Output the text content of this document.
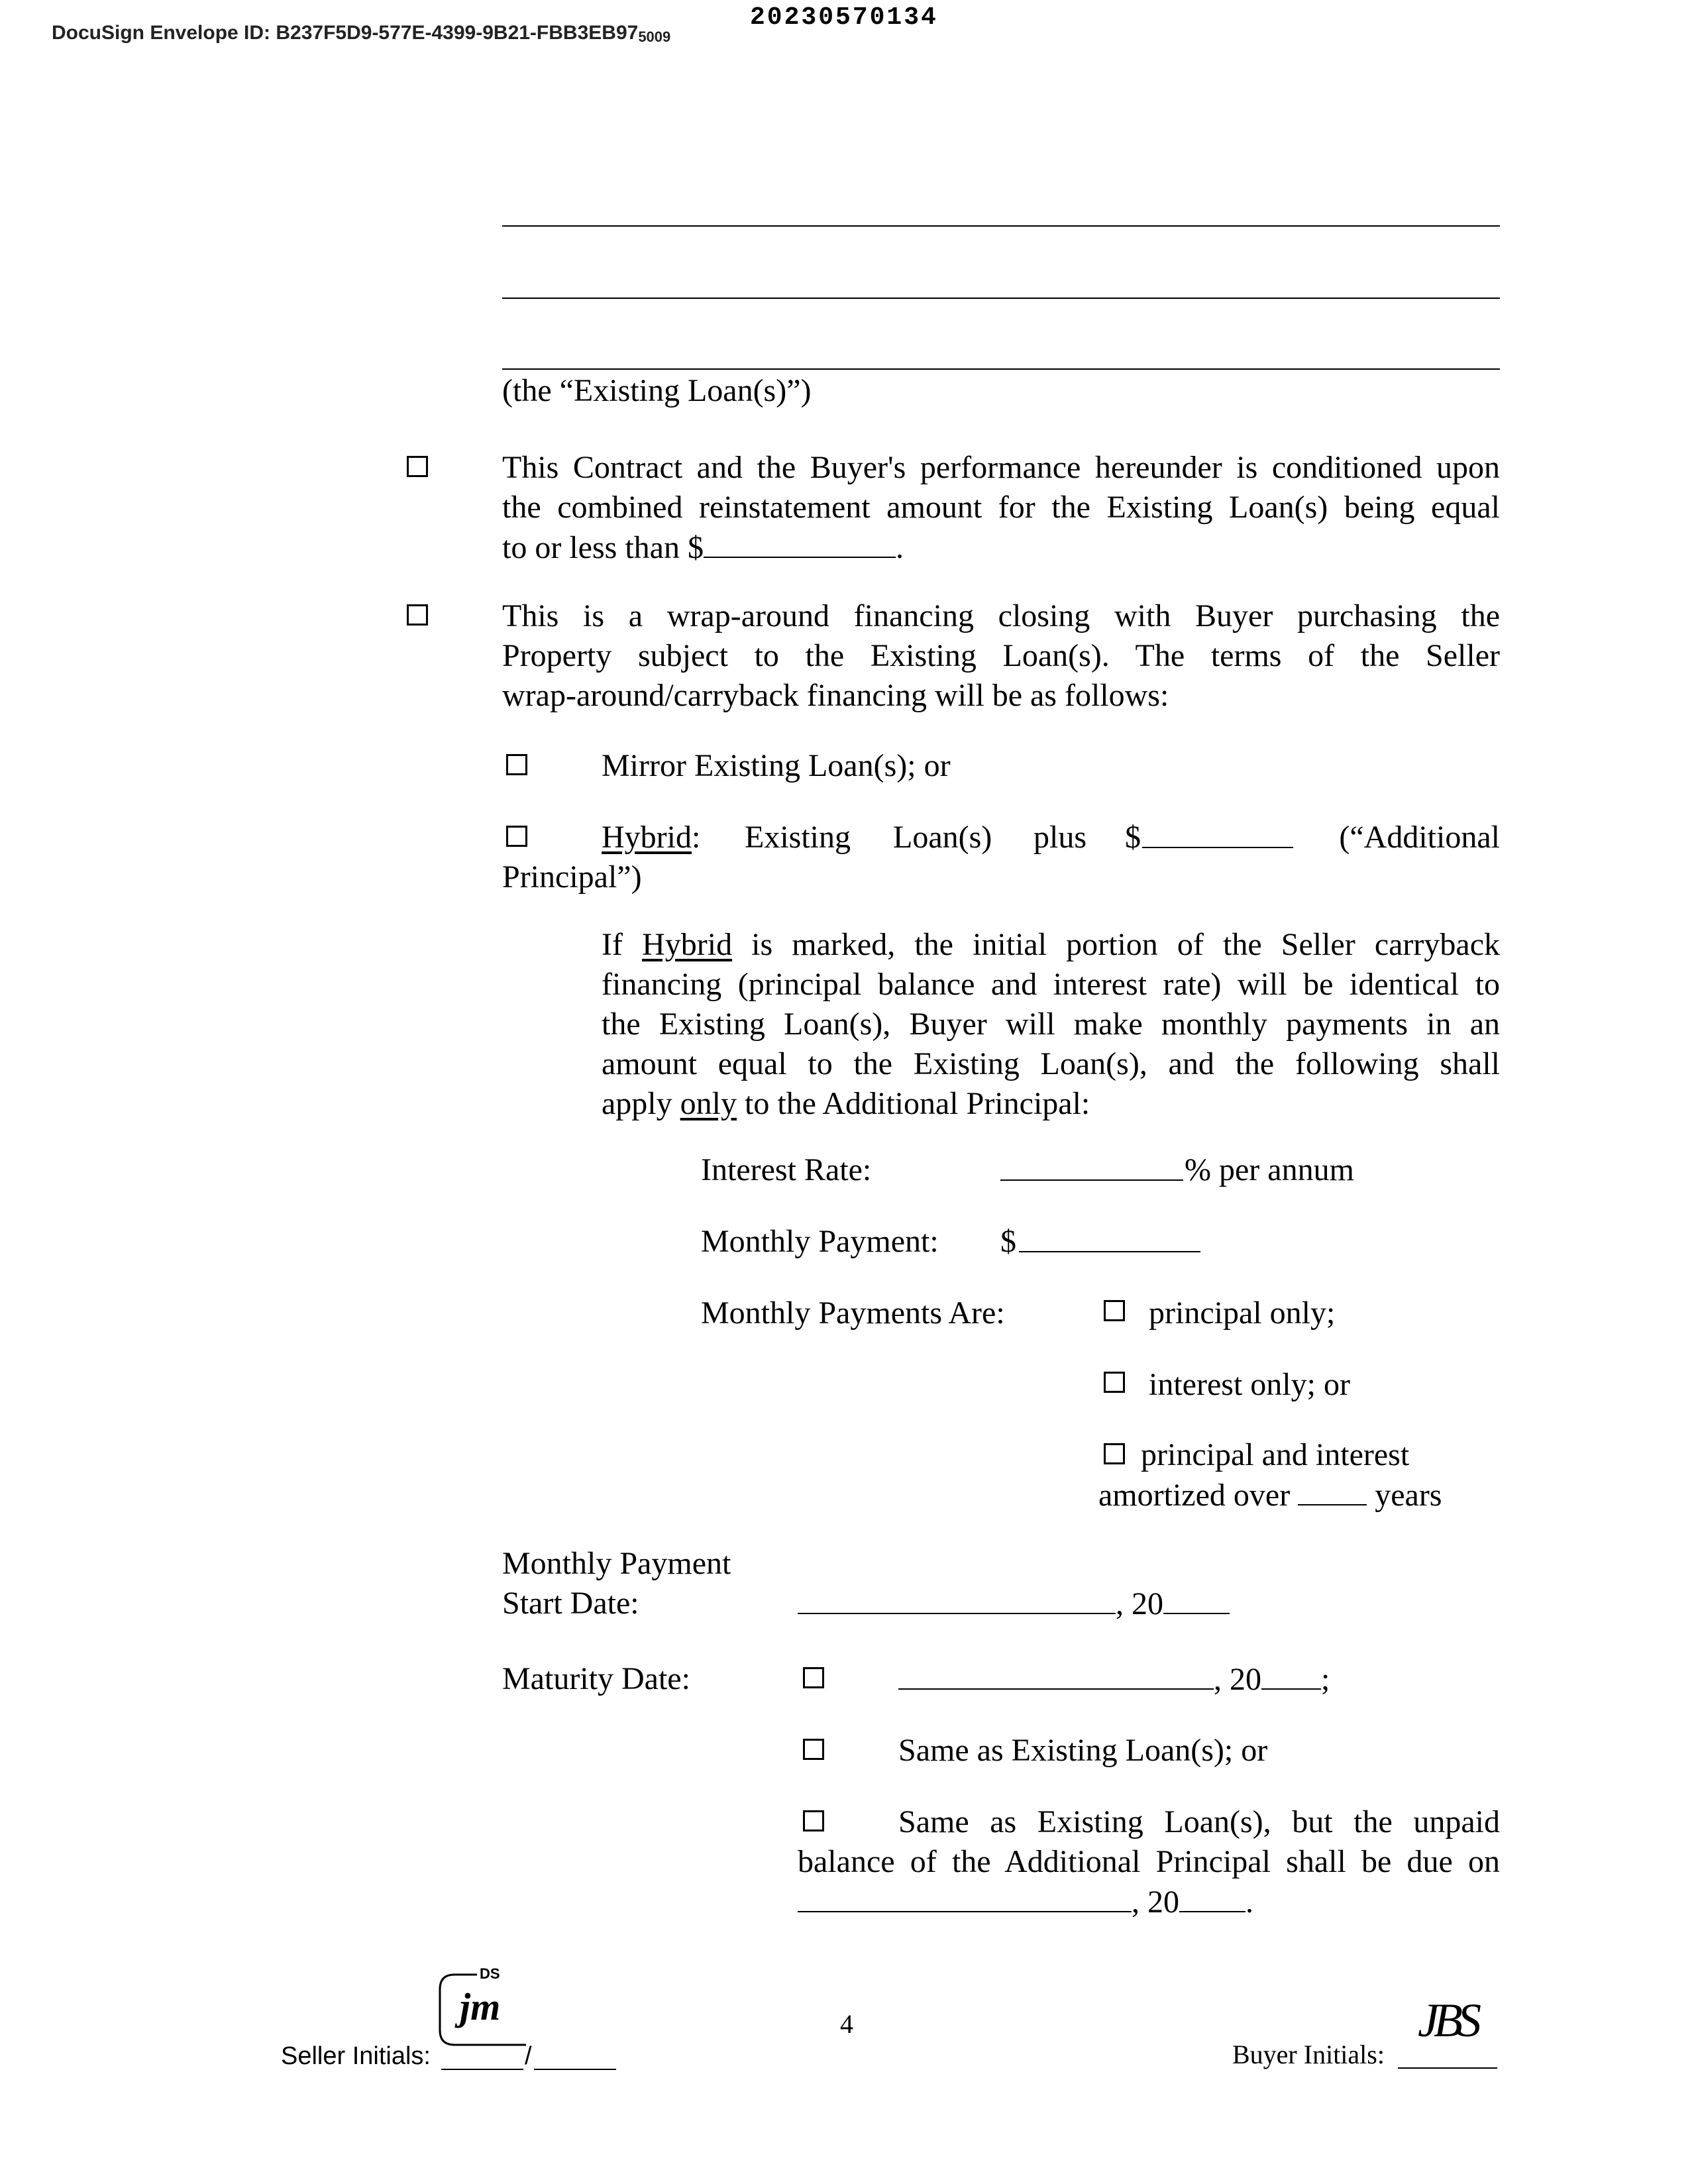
DocuSign Envelope ID: B237F5D9-577E-4399-9B21-FBB3EB975009
20230570134
(the “Existing Loan(s)”)
This Contract and the Buyer's performance hereunder is conditioned upon
the combined reinstatement amount for the Existing Loan(s) being equal
to or less than $	.
This is a wrap-around financing closing with Buyer purchasing the
Property subject to the Existing Loan(s). The terms of the Seller
wrap-around/carryback financing will be as follows:
Mirror Existing Loan(s); or
Hybrid: Existing Loan(s) plus $	(“Additional
Principal”)
If Hybrid is marked, the initial portion of the Seller carryback
financing (principal balance and interest rate) will be identical to
the Existing Loan(s), Buyer will make monthly payments in an
amount equal to the Existing Loan(s), and the following shall
apply only to the Additional Principal:
Interest Rate:	% per annum
Monthly Payment: $
Monthly Payments Are:	principal only;
interest only; or
principal and interest
amortized over  years
Monthly Payment
Start Date:	, 20
Maturity Date:	, 20 ;
Same as Existing Loan(s); or
Same as Existing Loan(s), but the unpaid
balance of the Additional Principal shall be due on
, 20 .
Seller Initials:	/
DS
jm	4
Buyer Initials:
JBS
